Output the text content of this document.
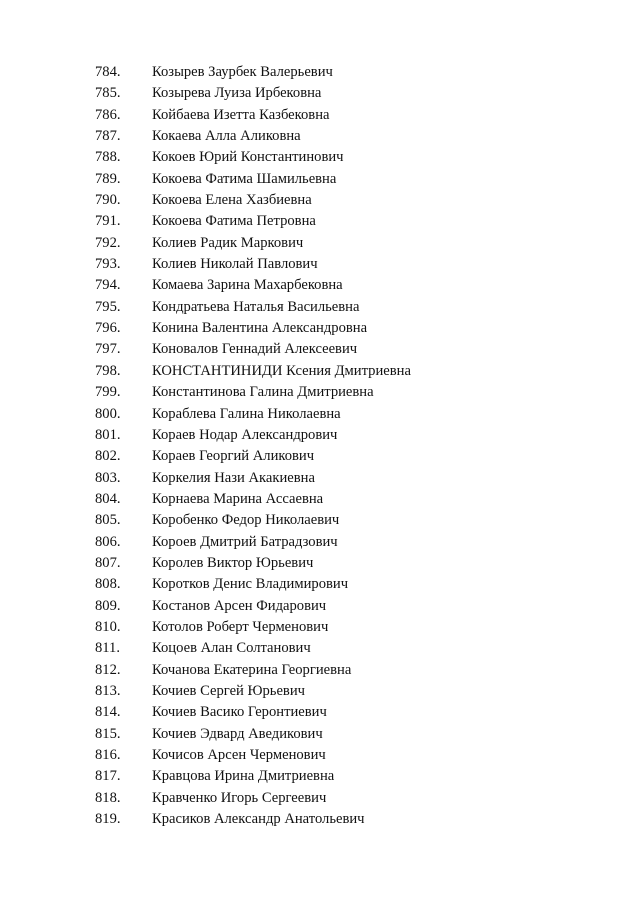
784. Козырев Заурбек Валерьевич
785. Козырева Луиза Ирбековна
786. Койбаева Изетта Казбековна
787. Кокаева Алла Аликовна
788. Кокоев Юрий Константинович
789. Кокоева Фатима Шамильевна
790. Кокоева Елена Хазбиевна
791. Кокоева Фатима Петровна
792. Колиев Радик Маркович
793. Колиев Николай Павлович
794. Комаева Зарина Махарбековна
795. Кондратьева Наталья Васильевна
796. Конина Валентина Александровна
797. Коновалов Геннадий Алексеевич
798. КОНСТАНТИНИДИ Ксения Дмитриевна
799. Константинова Галина Дмитриевна
800. Кораблева Галина Николаевна
801. Кораев Нодар Александрович
802. Кораев Георгий Аликович
803. Коркелия Нази Акакиевна
804. Корнаева Марина Ассаевна
805. Коробенко Федор Николаевич
806. Короев Дмитрий Батрадзович
807. Королев Виктор Юрьевич
808. Коротков Денис Владимирович
809. Костанов Арсен Фидарович
810. Котолов Роберт Черменович
811. Коцоев Алан Солтанович
812. Кочанова Екатерина Георгиевна
813. Кочиев Сергей Юрьевич
814. Кочиев Васико Геронтиевич
815. Кочиев Эдвард Аведикович
816. Кочисов Арсен Черменович
817. Кравцова Ирина Дмитриевна
818. Кравченко Игорь Сергеевич
819. Красиков Александр Анатольевич
